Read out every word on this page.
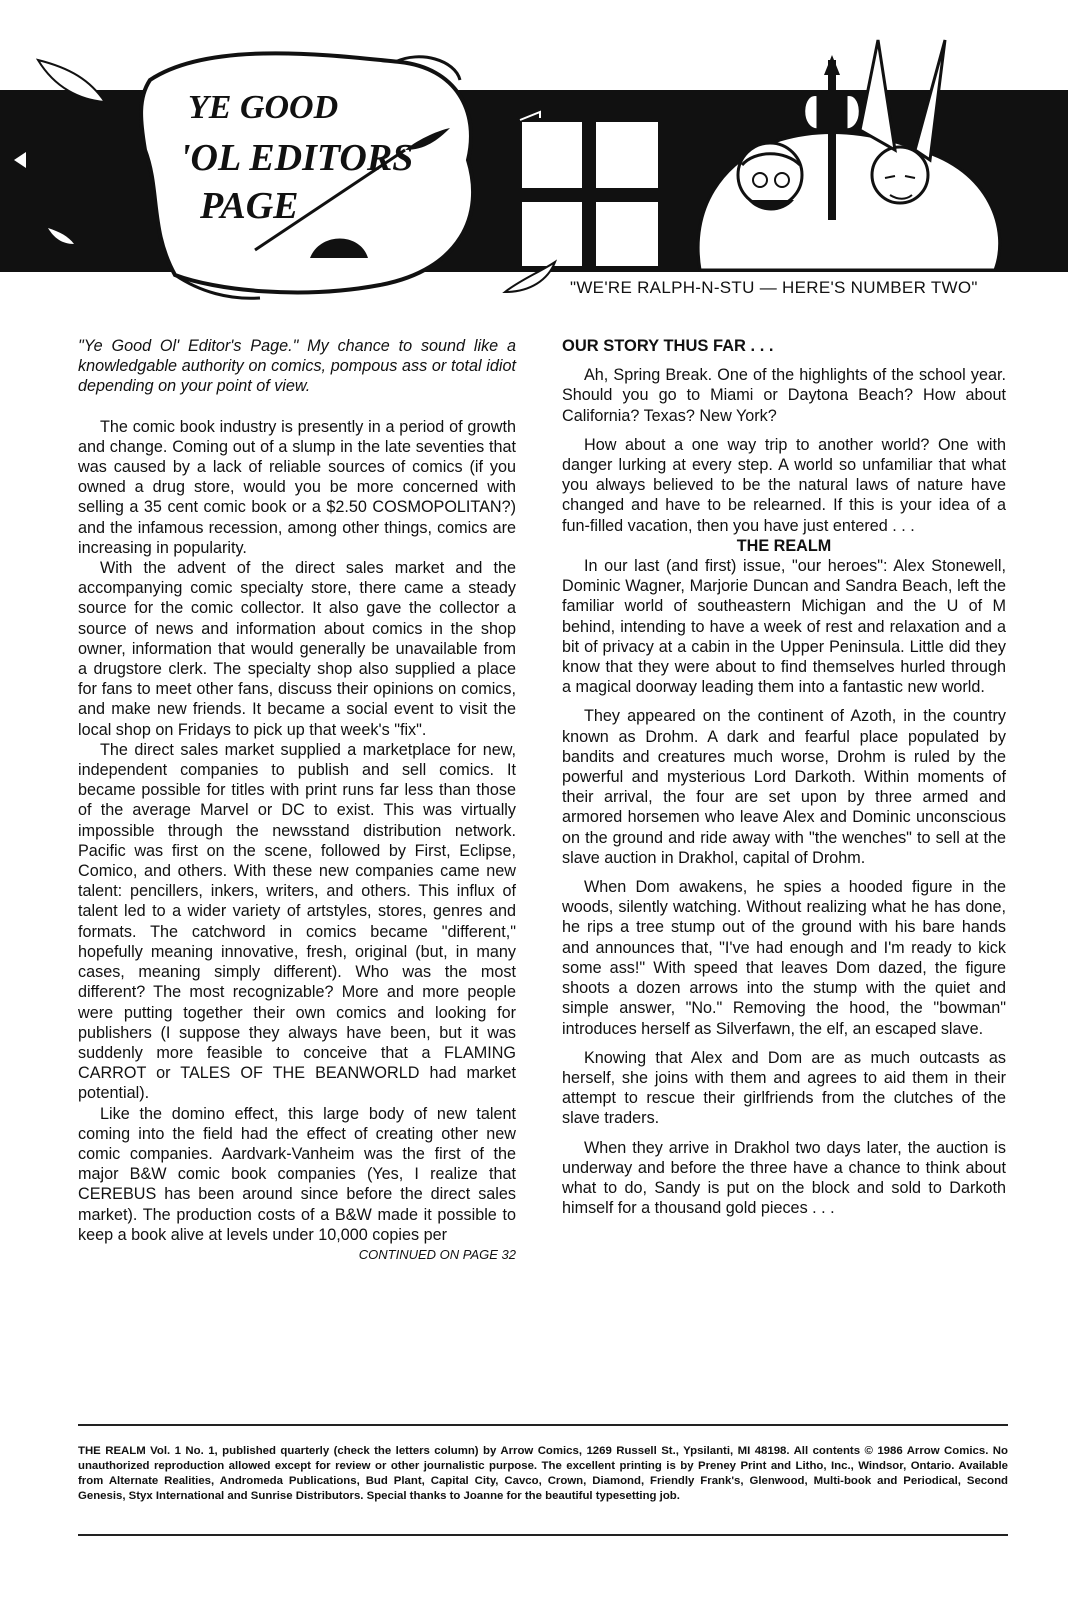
YE GOOD 'OL EDITORS PAGE
"WE'RE RALPH-N-STU — HERE'S NUMBER TWO"

"Ye Good Ol' Editor's Page." My chance to sound like a knowledgable authority on comics, pompous ass or total idiot depending on your point of view.

The comic book industry is presently in a period of growth and change. Coming out of a slump in the late seventies that was caused by a lack of reliable sources of comics (if you owned a drug store, would you be more concerned with selling a 35 cent comic book or a $2.50 COSMOPOLITAN?) and the infamous recession, among other things, comics are increasing in popularity.

With the advent of the direct sales market and the accompanying comic specialty store, there came a steady source for the comic collector. It also gave the collector a source of news and information about comics in the shop owner, information that would generally be unavailable from a drugstore clerk. The specialty shop also supplied a place for fans to meet other fans, discuss their opinions on comics, and make new friends. It became a social event to visit the local shop on Fridays to pick up that week's "fix".

The direct sales market supplied a marketplace for new, independent companies to publish and sell comics. It became possible for titles with print runs far less than those of the average Marvel or DC to exist. This was virtually impossible through the newsstand distribution network. Pacific was first on the scene, followed by First, Eclipse, Comico, and others. With these new companies came new talent: pencillers, inkers, writers, and others. This influx of talent led to a wider variety of artstyles, stores, genres and formats. The catchword in comics became "different," hopefully meaning innovative, fresh, original (but, in many cases, meaning simply different). Who was the most different? The most recognizable? More and more people were putting together their own comics and looking for publishers (I suppose they always have been, but it was suddenly more feasible to conceive that a FLAMING CARROT or TALES OF THE BEANWORLD had market potential).

Like the domino effect, this large body of new talent coming into the field had the effect of creating other new comic companies. Aardvark-Vanheim was the first of the major B&W comic book companies (Yes, I realize that CEREBUS has been around since before the direct sales market). The production costs of a B&W made it possible to keep a book alive at levels under 10,000 copies per

CONTINUED ON PAGE 32

OUR STORY THUS FAR . . .

Ah, Spring Break. One of the highlights of the school year. Should you go to Miami or Daytona Beach? How about California? Texas? New York?

How about a one way trip to another world? One with danger lurking at every step. A world so unfamiliar that what you always believed to be the natural laws of nature have changed and have to be relearned. If this is your idea of a fun-filled vacation, then you have just entered . . .

THE REALM

In our last (and first) issue, "our heroes": Alex Stonewell, Dominic Wagner, Marjorie Duncan and Sandra Beach, left the familiar world of southeastern Michigan and the U of M behind, intending to have a week of rest and relaxation and a bit of privacy at a cabin in the Upper Peninsula. Little did they know that they were about to find themselves hurled through a magical doorway leading them into a fantastic new world.

They appeared on the continent of Azoth, in the country known as Drohm. A dark and fearful place populated by bandits and creatures much worse, Drohm is ruled by the powerful and mysterious Lord Darkoth. Within moments of their arrival, the four are set upon by three armed and armored horsemen who leave Alex and Dominic unconscious on the ground and ride away with "the wenches" to sell at the slave auction in Drakhol, capital of Drohm.

When Dom awakens, he spies a hooded figure in the woods, silently watching. Without realizing what he has done, he rips a tree stump out of the ground with his bare hands and announces that, "I've had enough and I'm ready to kick some ass!" With speed that leaves Dom dazed, the figure shoots a dozen arrows into the stump with the quiet and simple answer, "No." Removing the hood, the "bowman" introduces herself as Silverfawn, the elf, an escaped slave.

Knowing that Alex and Dom are as much outcasts as herself, she joins with them and agrees to aid them in their attempt to rescue their girlfriends from the clutches of the slave traders.

When they arrive in Drakhol two days later, the auction is underway and before the three have a chance to think about what to do, Sandy is put on the block and sold to Darkoth himself for a thousand gold pieces . . .

THE REALM Vol. 1 No. 1, published quarterly (check the letters column) by Arrow Comics, 1269 Russell St., Ypsilanti, MI 48198. All contents © 1986 Arrow Comics. No unauthorized reproduction allowed except for review or other journalistic purpose. The excellent printing is by Preney Print and Litho, Inc., Windsor, Ontario. Available from Alternate Realities, Andromeda Publications, Bud Plant, Capital City, Cavco, Crown, Diamond, Friendly Frank's, Glenwood, Multi-book and Periodical, Second Genesis, Styx International and Sunrise Distributors. Special thanks to Joanne for the beautiful typesetting job.
